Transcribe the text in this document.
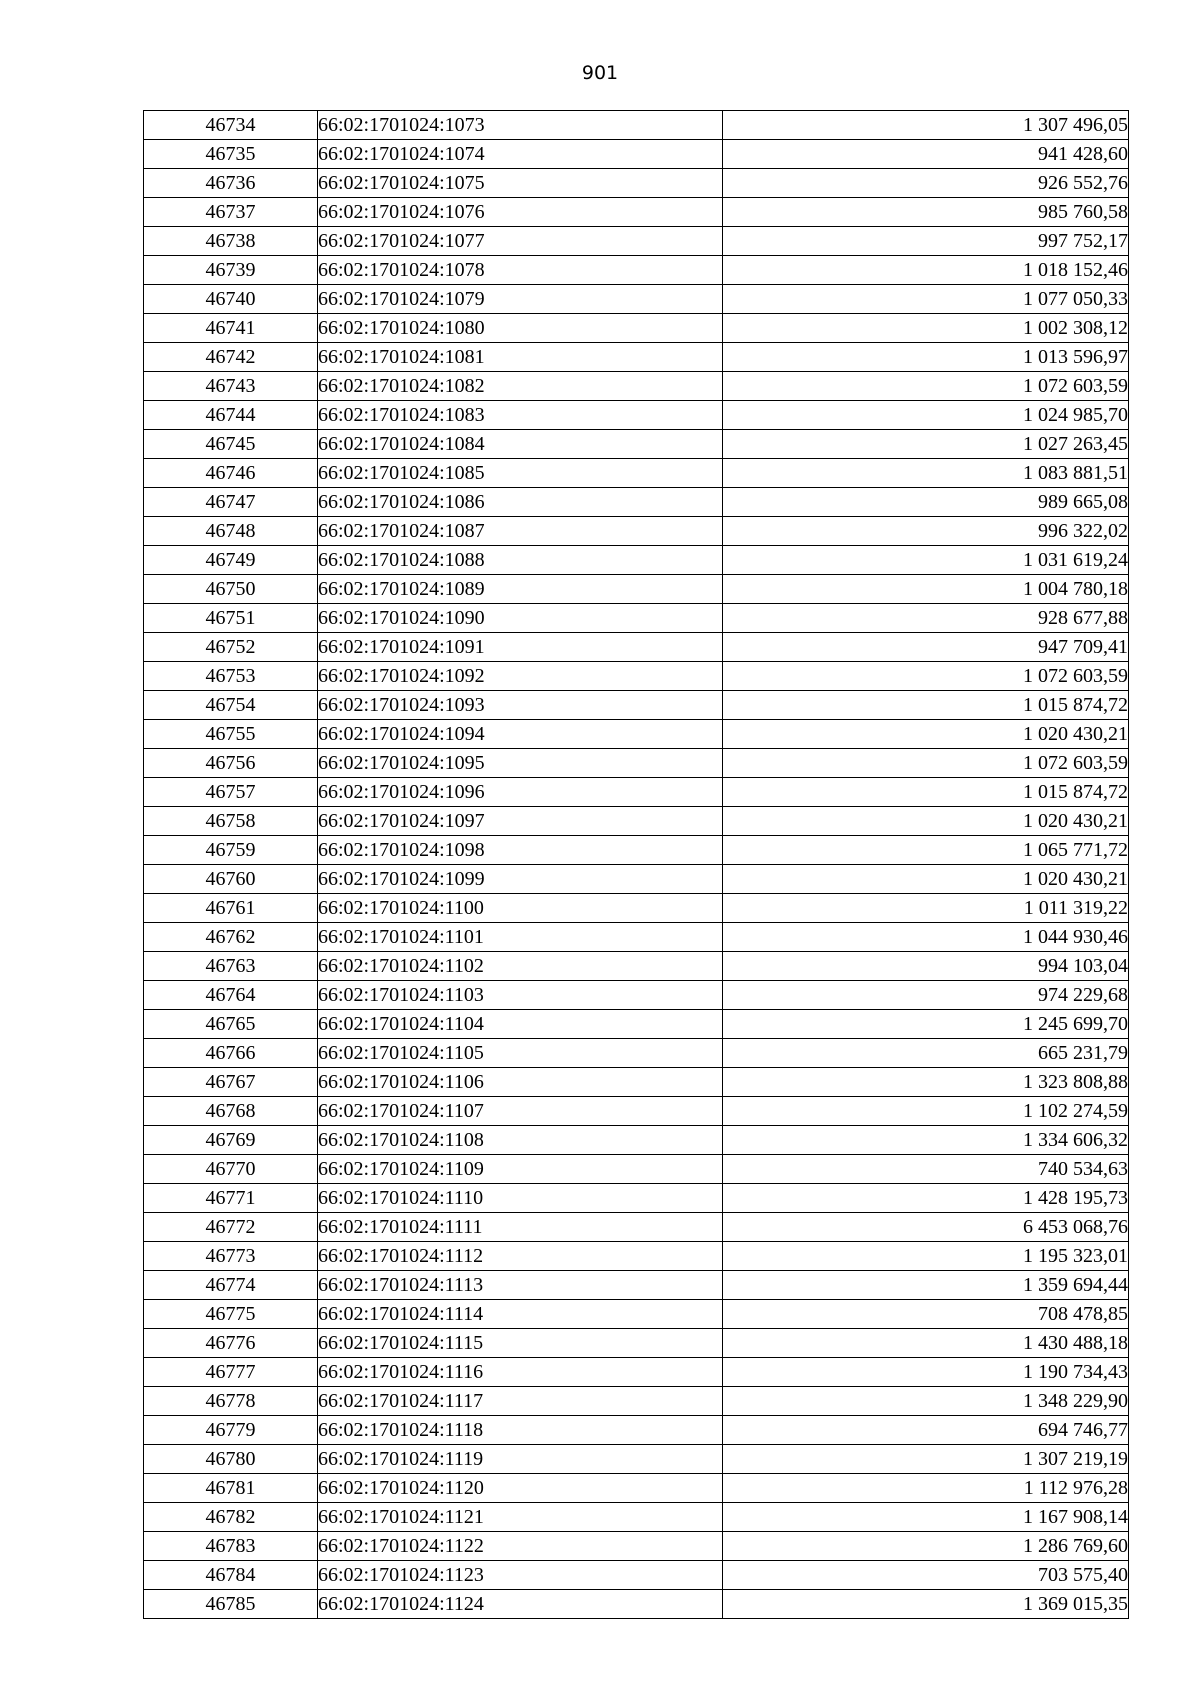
901
46734	66:02:1701024:1073	1 307 496,05
46735	66:02:1701024:1074	941 428,60
46736	66:02:1701024:1075	926 552,76
46737	66:02:1701024:1076	985 760,58
46738	66:02:1701024:1077	997 752,17
46739	66:02:1701024:1078	1 018 152,46
46740	66:02:1701024:1079	1 077 050,33
46741	66:02:1701024:1080	1 002 308,12
46742	66:02:1701024:1081	1 013 596,97
46743	66:02:1701024:1082	1 072 603,59
46744	66:02:1701024:1083	1 024 985,70
46745	66:02:1701024:1084	1 027 263,45
46746	66:02:1701024:1085	1 083 881,51
46747	66:02:1701024:1086	989 665,08
46748	66:02:1701024:1087	996 322,02
46749	66:02:1701024:1088	1 031 619,24
46750	66:02:1701024:1089	1 004 780,18
46751	66:02:1701024:1090	928 677,88
46752	66:02:1701024:1091	947 709,41
46753	66:02:1701024:1092	1 072 603,59
46754	66:02:1701024:1093	1 015 874,72
46755	66:02:1701024:1094	1 020 430,21
46756	66:02:1701024:1095	1 072 603,59
46757	66:02:1701024:1096	1 015 874,72
46758	66:02:1701024:1097	1 020 430,21
46759	66:02:1701024:1098	1 065 771,72
46760	66:02:1701024:1099	1 020 430,21
46761	66:02:1701024:1100	1 011 319,22
46762	66:02:1701024:1101	1 044 930,46
46763	66:02:1701024:1102	994 103,04
46764	66:02:1701024:1103	974 229,68
46765	66:02:1701024:1104	1 245 699,70
46766	66:02:1701024:1105	665 231,79
46767	66:02:1701024:1106	1 323 808,88
46768	66:02:1701024:1107	1 102 274,59
46769	66:02:1701024:1108	1 334 606,32
46770	66:02:1701024:1109	740 534,63
46771	66:02:1701024:1110	1 428 195,73
46772	66:02:1701024:1111	6 453 068,76
46773	66:02:1701024:1112	1 195 323,01
46774	66:02:1701024:1113	1 359 694,44
46775	66:02:1701024:1114	708 478,85
46776	66:02:1701024:1115	1 430 488,18
46777	66:02:1701024:1116	1 190 734,43
46778	66:02:1701024:1117	1 348 229,90
46779	66:02:1701024:1118	694 746,77
46780	66:02:1701024:1119	1 307 219,19
46781	66:02:1701024:1120	1 112 976,28
46782	66:02:1701024:1121	1 167 908,14
46783	66:02:1701024:1122	1 286 769,60
46784	66:02:1701024:1123	703 575,40
46785	66:02:1701024:1124	1 369 015,35
